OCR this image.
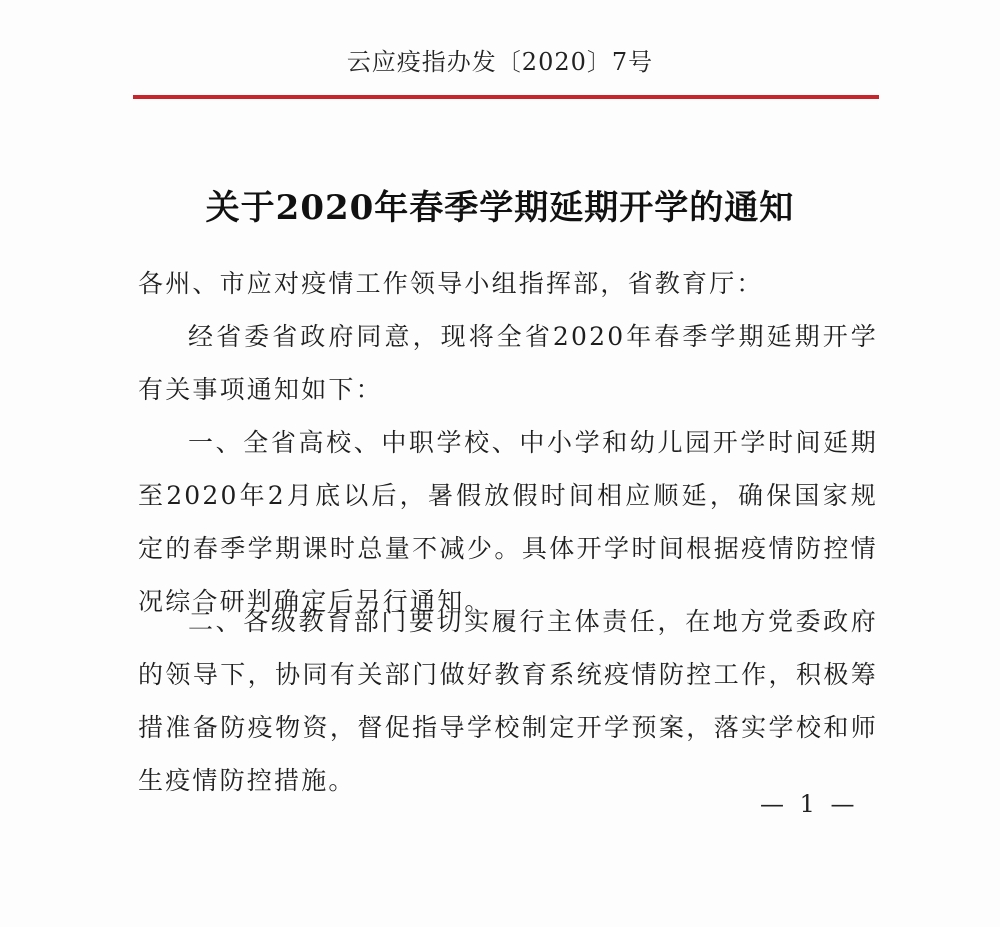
云应疫指办发〔2020〕7号
关于2020年春季学期延期开学的通知
各州、市应对疫情工作领导小组指挥部，省教育厅：
经省委省政府同意，现将全省2020年春季学期延期开学有关事项通知如下：
一、全省高校、中职学校、中小学和幼儿园开学时间延期至2020年2月底以后，暑假放假时间相应顺延，确保国家规定的春季学期课时总量不减少。具体开学时间根据疫情防控情况综合研判确定后另行通知。
二、各级教育部门要切实履行主体责任，在地方党委政府的领导下，协同有关部门做好教育系统疫情防控工作，积极筹措准备防疫物资，督促指导学校制定开学预案，落实学校和师生疫情防控措施。
— 1 —
